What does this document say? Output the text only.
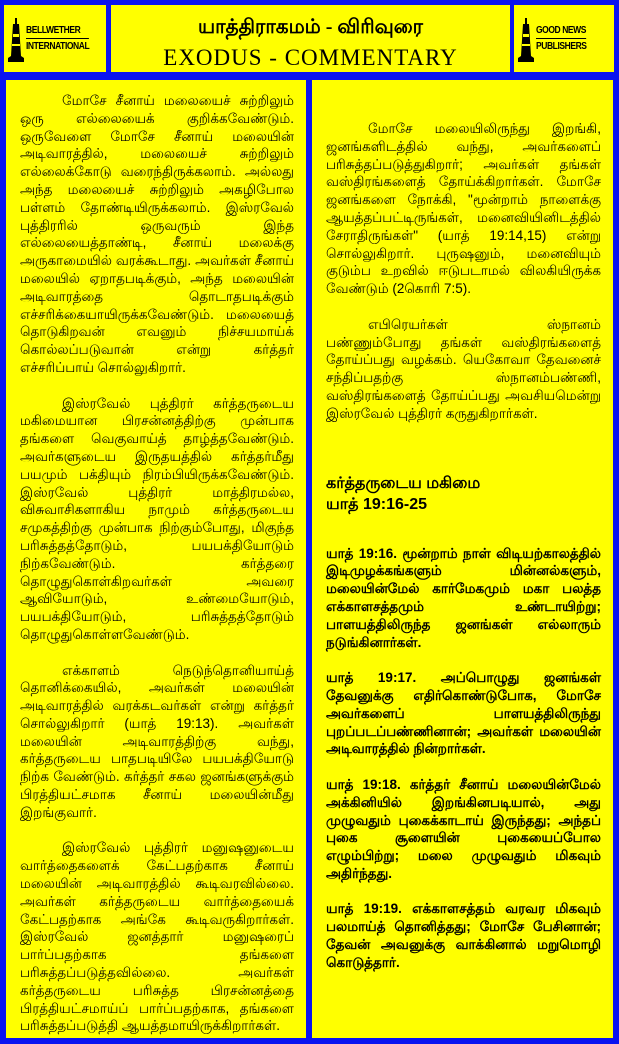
BELLWETHER
INTERNATIONAL
யாத்திராகமம் - விரிவுரை
EXODUS - COMMENTARY
GOOD NEWS
PUBLISHERS

மோசே சீனாய் மலையைச் சுற்றிலும் ஒரு எல்லையைக் குறிக்கவேண்டும். ஒருவேளை மோசே சீனாய் மலையின் அடிவாரத்தில், மலையைச் சுற்றிலும் எல்லைக்கோடு வரைந்திருக்கலாம். அல்லது அந்த மலையைச் சுற்றிலும் அகழிபோல பள்ளம் தோண்டியிருக்கலாம். இஸ்ரவேல் புத்திரரில் ஒருவரும் இந்த எல்லையைத்தாண்டி, சீனாய் மலைக்கு அருகாமையில் வரக்கூடாது. அவர்கள் சீனாய் மலையில் ஏறாதபடிக்கும், அந்த மலையின் அடிவாரத்தை தொடாதபடிக்கும் எச்சரிக்கையாயிருக்கவேண்டும். மலையைத் தொடுகிறவன் எவனும் நிச்சயமாய்க் கொல்லப்படுவான் என்று கர்த்தர் எச்சரிப்பாய் சொல்லுகிறார்.

இஸ்ரவேல் புத்திரர் கர்த்தருடைய மகிமையான பிரசன்னத்திற்கு முன்பாக தங்களை வெகுவாய்த் தாழ்த்தவேண்டும். அவர்களுடைய இருதயத்தில் கர்த்தர்மீது பயமும் பக்தியும் நிரம்பியிருக்கவேண்டும். இஸ்ரவேல் புத்திரர் மாத்திரமல்ல, விசுவாசிகளாகிய நாமும் கர்த்தருடைய சமுகத்திற்கு முன்பாக நிற்கும்போது, மிகுந்த பரிசுத்தத்தோடும், பயபக்தியோடும் நிற்கவேண்டும். கர்த்தரை தொழுதுகொள்கிறவர்கள் அவரை ஆவியோடும், உண்மையோடும், பயபக்தியோடும், பரிசுத்தத்தோடும் தொழுதுகொள்ளவேண்டும்.

எக்காளம் நெடுந்தொனியாய்த் தொனிக்கையில், அவர்கள் மலையின் அடிவாரத்தில் வரக்கடவர்கள் என்று கர்த்தர் சொல்லுகிறார் (யாத் 19:13). அவர்கள் மலையின் அடிவாரத்திற்கு வந்து, கர்த்தருடைய பாதபடியிலே பயபக்தியோடு நிற்க வேண்டும். கர்த்தர் சகல ஜனங்களுக்கும் பிரத்தியட்சமாக சீனாய் மலையின்மீது இறங்குவார்.

இஸ்ரவேல் புத்திரர் மனுஷனுடைய வார்த்தைகளைக் கேட்பதற்காக சீனாய் மலையின் அடிவாரத்தில் கூடிவரவில்லை. அவர்கள் கர்த்தருடைய வார்த்தையைக் கேட்பதற்காக அங்கே கூடிவருகிறார்கள். இஸ்ரவேல் ஜனத்தார் மனுஷரைப் பார்ப்பதற்காக தங்களை பரிசுத்தப்படுத்தவில்லை. அவர்கள் கர்த்தருடைய பரிசுத்த பிரசன்னத்தை பிரத்தியட்சமாய்ப் பார்ப்பதற்காக, தங்களை பரிசுத்தப்படுத்தி ஆயத்தமாயிருக்கிறார்கள்.

மோசே மலையிலிருந்து இறங்கி, ஜனங்களிடத்தில் வந்து, அவர்களைப் பரிசுத்தப்படுத்துகிறார்; அவர்கள் தங்கள் வஸ்திரங்களைத் தோய்க்கிறார்கள். மோசே ஜனங்களை நோக்கி, "மூன்றாம் நாளைக்கு ஆயத்தப்பட்டிருங்கள், மனைவியினிடத்தில் சேராதிருங்கள்" (யாத் 19:14,15) என்று சொல்லுகிறார். புருஷனும், மனைவியும் குடும்ப உறவில் ஈடுபடாமல் விலகியிருக்க வேண்டும் (2கொரி 7:5).

எபிரெயர்கள் ஸ்நானம் பண்ணும்போது தங்கள் வஸ்திரங்களைத் தோய்ப்பது வழக்கம். யெகோவா தேவனைச் சந்திப்பதற்கு ஸ்நானம்பண்ணி, வஸ்திரங்களைத் தோய்ப்பது அவசியமென்று இஸ்ரவேல் புத்திரர் கருதுகிறார்கள்.

கர்த்தருடைய மகிமை
யாத் 19:16-25

யாத் 19:16. மூன்றாம் நாள் விடியற்காலத்தில் இடிமுழக்கங்களும் மின்னல்களும், மலையின்மேல் கார்மேகமும் மகா பலத்த எக்காளசத்தமும் உண்டாயிற்று; பாளயத்திலிருந்த ஜனங்கள் எல்லாரும் நடுங்கினார்கள்.

யாத் 19:17. அப்பொழுது ஜனங்கள் தேவனுக்கு எதிர்கொண்டுபோக, மோசே அவர்களைப் பாளயத்திலிருந்து புறப்படப்பண்ணினான்; அவர்கள் மலையின் அடிவாரத்தில் நின்றார்கள்.

யாத் 19:18. கர்த்தர் சீனாய் மலையின்மேல் அக்கினியில் இறங்கினபடியால், அது முழுவதும் புகைக்காடாய் இருந்தது; அந்தப் புகை சூளையின் புகையைப்போல எழும்பிற்று; மலை முழுவதும் மிகவும் அதிர்ந்தது.

யாத் 19:19. எக்காளசத்தம் வரவர மிகவும் பலமாய்த் தொனித்தது; மோசே பேசினான்; தேவன் அவனுக்கு வாக்கினால் மறுமொழி கொடுத்தார்.
